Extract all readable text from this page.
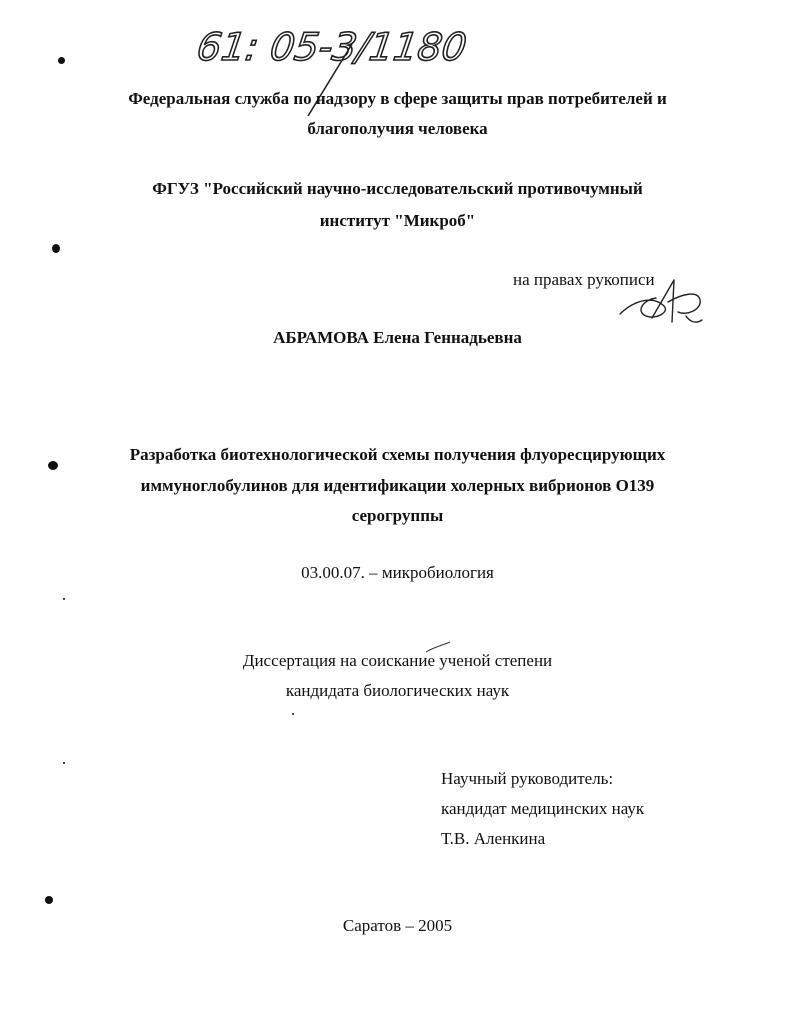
61: 05-3/1180
Федеральная служба по надзору в сфере защиты прав потребителей и
благополучия человека
ФГУЗ "Российский научно-исследовательский противочумный
институт "Микроб"
на правах рукописи
АБРАМОВА Елена Геннадьевна
Разработка биотехнологической схемы получения флуоресцирующих
иммуноглобулинов для идентификации холерных вибрионов О139
серогруппы
03.00.07. – микробиология
Диссертация на соискание ученой степени
кандидата биологических наук
Научный руководитель:
кандидат медицинских наук
Т.В. Аленкина
Саратов – 2005
